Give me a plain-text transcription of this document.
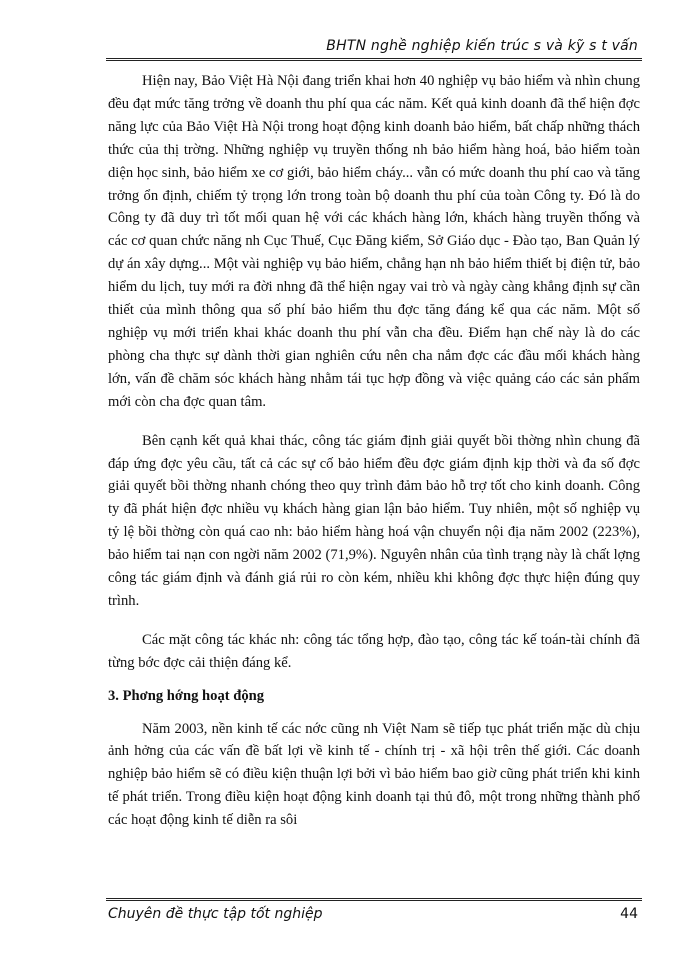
BHTN nghề nghiệp kiến trúc s và kỹ s t vấn

Hiện nay, Bảo Việt Hà Nội đang triển khai hơn 40 nghiệp vụ bảo hiểm và nhìn chung đều đạt mức tăng trởng về doanh thu phí qua các năm. Kết quả kinh doanh đã thể hiện đợc năng lực của Bảo Việt Hà Nội trong hoạt động kinh doanh bảo hiểm, bất chấp những thách thức của thị trờng. Những nghiệp vụ truyền thống nh bảo hiểm hàng hoá, bảo hiểm toàn diện học sinh, bảo hiểm xe cơ giới, bảo hiểm cháy... vẫn có mức doanh thu phí cao và tăng trởng ổn định, chiếm tỷ trọng lớn trong toàn bộ doanh thu phí của toàn Công ty. Đó là do Công ty đã duy trì tốt mối quan hệ với các khách hàng lớn, khách hàng truyền thống và các cơ quan chức năng nh Cục Thuế, Cục Đăng kiểm, Sở Giáo dục - Đào tạo, Ban Quản lý dự án xây dựng... Một vài nghiệp vụ bảo hiểm, chẳng hạn nh bảo hiểm thiết bị điện tử, bảo hiểm du lịch, tuy mới ra đời nhng đã thể hiện ngay vai trò và ngày càng khẳng định sự cần thiết của mình thông qua số phí bảo hiểm thu đợc tăng đáng kể qua các năm. Một số nghiệp vụ mới triển khai khác doanh thu phí vẫn cha đều. Điểm hạn chế này là do các phòng cha thực sự dành thời gian nghiên cứu nên cha nắm đợc các đầu mối khách hàng lớn, vấn đề chăm sóc khách hàng nhằm tái tục hợp đồng và việc quảng cáo các sản phẩm mới còn cha đợc quan tâm.

Bên cạnh kết quả khai thác, công tác giám định giải quyết bồi thờng nhìn chung đã đáp ứng đợc yêu cầu, tất cả các sự cố bảo hiểm đều đợc giám định kịp thời và đa số đợc giải quyết bồi thờng nhanh chóng theo quy trình đảm bảo hỗ trợ tốt cho kinh doanh. Công ty đã phát hiện đợc nhiều vụ khách hàng gian lận bảo hiểm. Tuy nhiên, một số nghiệp vụ tỷ lệ bồi thờng còn quá cao nh: bảo hiểm hàng hoá vận chuyển nội địa năm 2002 (223%), bảo hiểm tai nạn con ngời năm 2002 (71,9%). Nguyên nhân của tình trạng này là chất lợng công tác giám định và đánh giá rủi ro còn kém, nhiều khi không đợc thực hiện đúng quy trình.

Các mặt công tác khác nh: công tác tổng hợp, đào tạo, công tác kế toán-tài chính đã từng bớc đợc cải thiện đáng kể.

3. Phơng hớng hoạt động

Năm 2003, nền kinh tế các nớc cũng nh Việt Nam sẽ tiếp tục phát triển mặc dù chịu ảnh hởng của các vấn đề bất lợi về kinh tế - chính trị - xã hội trên thế giới. Các doanh nghiệp bảo hiểm sẽ có điều kiện thuận lợi bởi vì bảo hiểm bao giờ cũng phát triển khi kinh tế phát triển. Trong điều kiện hoạt động kinh doanh tại thủ đô, một trong những thành phố các hoạt động kinh tế diễn ra sôi

Chuyên đề thực tập tốt nghiệp	44
